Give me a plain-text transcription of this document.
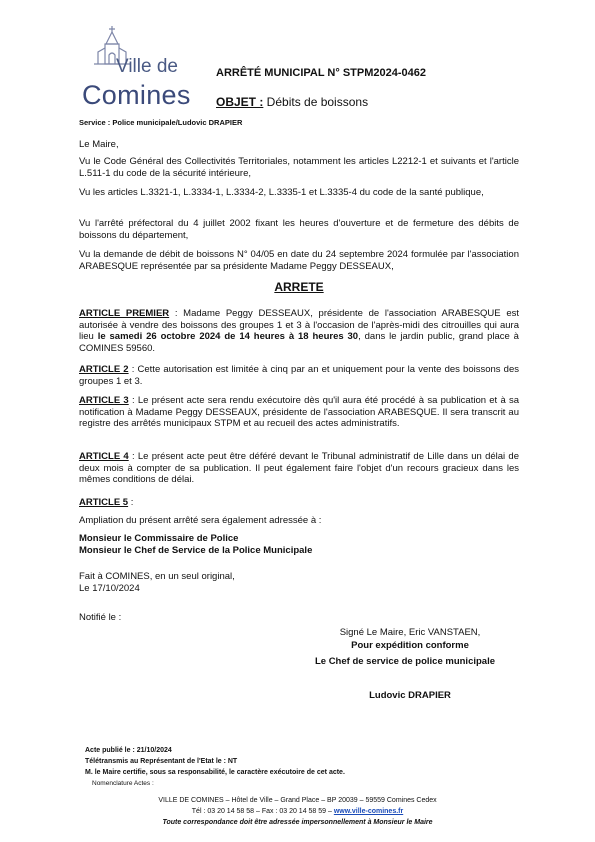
Ville de
Comines
ARRÊTÉ MUNICIPAL N° STPM2024-0462
OBJET : Débits de boissons
Service : Police municipale/Ludovic DRAPIER
Le Maire,
Vu le Code Général des Collectivités Territoriales, notamment les articles L2212-1 et suivants et l'article L.511-1 du code de la sécurité intérieure,
Vu les articles L.3321-1, L.3334-1, L.3334-2, L.3335-1 et L.3335-4 du code de la santé publique,
Vu l'arrêté préfectoral du 4 juillet 2002 fixant les heures d'ouverture et de fermeture des débits de boissons du département,
Vu la demande de débit de boissons N° 04/05 en date du 24 septembre 2024 formulée par l'association ARABESQUE représentée par sa présidente Madame Peggy DESSEAUX,
ARRETE
ARTICLE PREMIER : Madame Peggy DESSEAUX, présidente de l'association ARABESQUE est autorisée à vendre des boissons des groupes 1 et 3 à l'occasion de l'après-midi des citrouilles qui aura lieu le samedi 26 octobre 2024 de 14 heures à 18 heures 30, dans le jardin public, grand place à COMINES 59560.
ARTICLE 2 : Cette autorisation est limitée à cinq par an et uniquement pour la vente des boissons des groupes 1 et 3.
ARTICLE 3 : Le présent acte sera rendu exécutoire dès qu'il aura été procédé à sa publication et à sa notification à Madame Peggy DESSEAUX, présidente de l'association ARABESQUE. Il sera transcrit au registre des arrêtés municipaux STPM et au recueil des actes administratifs.
ARTICLE 4 : Le présent acte peut être déféré devant le Tribunal administratif de Lille dans un délai de deux mois à compter de sa publication. Il peut également faire l'objet d'un recours gracieux dans les mêmes conditions de délai.
ARTICLE 5 :
Ampliation du présent arrêté sera également adressée à :
Monsieur le Commissaire de Police
Monsieur le Chef de Service de la Police Municipale
Fait à COMINES, en un seul original,
Le 17/10/2024
Notifié le :
Signé Le Maire, Eric VANSTAEN,
Pour expédition conforme
Le Chef de service de police municipale
Ludovic DRAPIER
Acte publié le : 21/10/2024
Télétransmis au Représentant de l'Etat le : NT
M. le Maire certifie, sous sa responsabilité, le caractère exécutoire de cet acte.
Nomenclature Actes :
VILLE DE COMINES – Hôtel de Ville – Grand Place – BP 20039 – 59559 Comines Cedex
Tél : 03 20 14 58 58 – Fax : 03 20 14 58 59 – www.ville-comines.fr
Toute correspondance doit être adressée impersonnellement à Monsieur le Maire
